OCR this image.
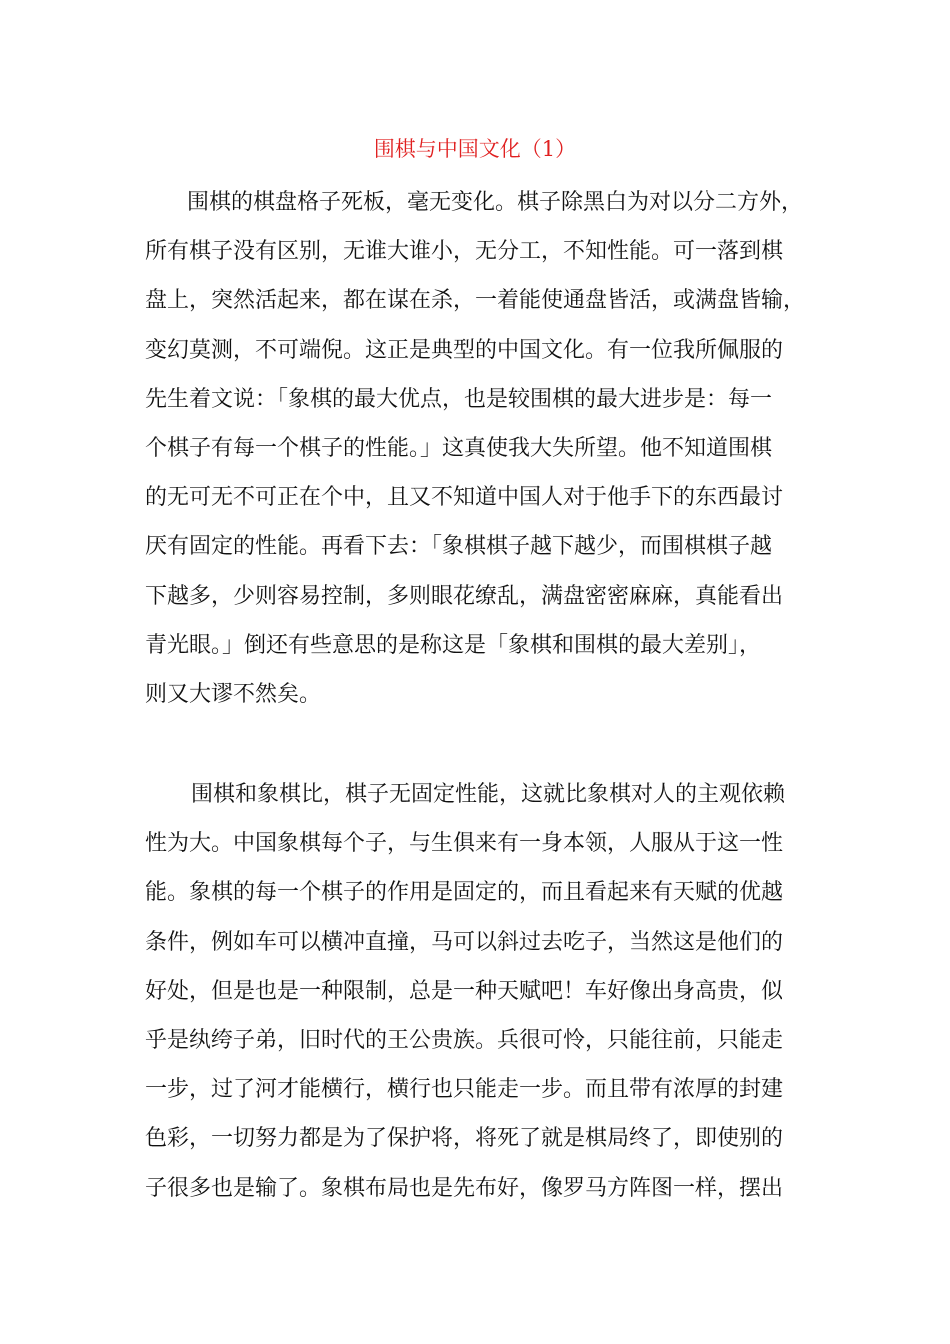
围棋与中国文化（1）
围棋的棋盘格子死板，毫无变化。棋子除黑白为对以分二方外，
所有棋子没有区别，无谁大谁小，无分工，不知性能。可一落到棋
盘上，突然活起来，都在谋在杀，一着能使通盘皆活，或满盘皆输，
变幻莫测，不可端倪。这正是典型的中国文化。有一位我所佩服的
先生着文说：「象棋的最大优点，也是较围棋的最大进步是：每一
个棋子有每一个棋子的性能。」这真使我大失所望。他不知道围棋
的无可无不可正在个中，且又不知道中国人对于他手下的东西最讨
厌有固定的性能。再看下去：「象棋棋子越下越少，而围棋棋子越
下越多，少则容易控制，多则眼花缭乱，满盘密密麻麻，真能看出
青光眼。」倒还有些意思的是称这是「象棋和围棋的最大差别」，
则又大谬不然矣。
围棋和象棋比，棋子无固定性能，这就比象棋对人的主观依赖
性为大。中国象棋每个子，与生俱来有一身本领，人服从于这一性
能。象棋的每一个棋子的作用是固定的，而且看起来有天赋的优越
条件，例如车可以横冲直撞，马可以斜过去吃子，当然这是他们的
好处，但是也是一种限制，总是一种天赋吧！车好像出身高贵，似
乎是纨绔子弟，旧时代的王公贵族。兵很可怜，只能往前，只能走
一步，过了河才能横行，横行也只能走一步。而且带有浓厚的封建
色彩，一切努力都是为了保护将，将死了就是棋局终了，即使别的
子很多也是输了。象棋布局也是先布好，像罗马方阵图一样，摆出
